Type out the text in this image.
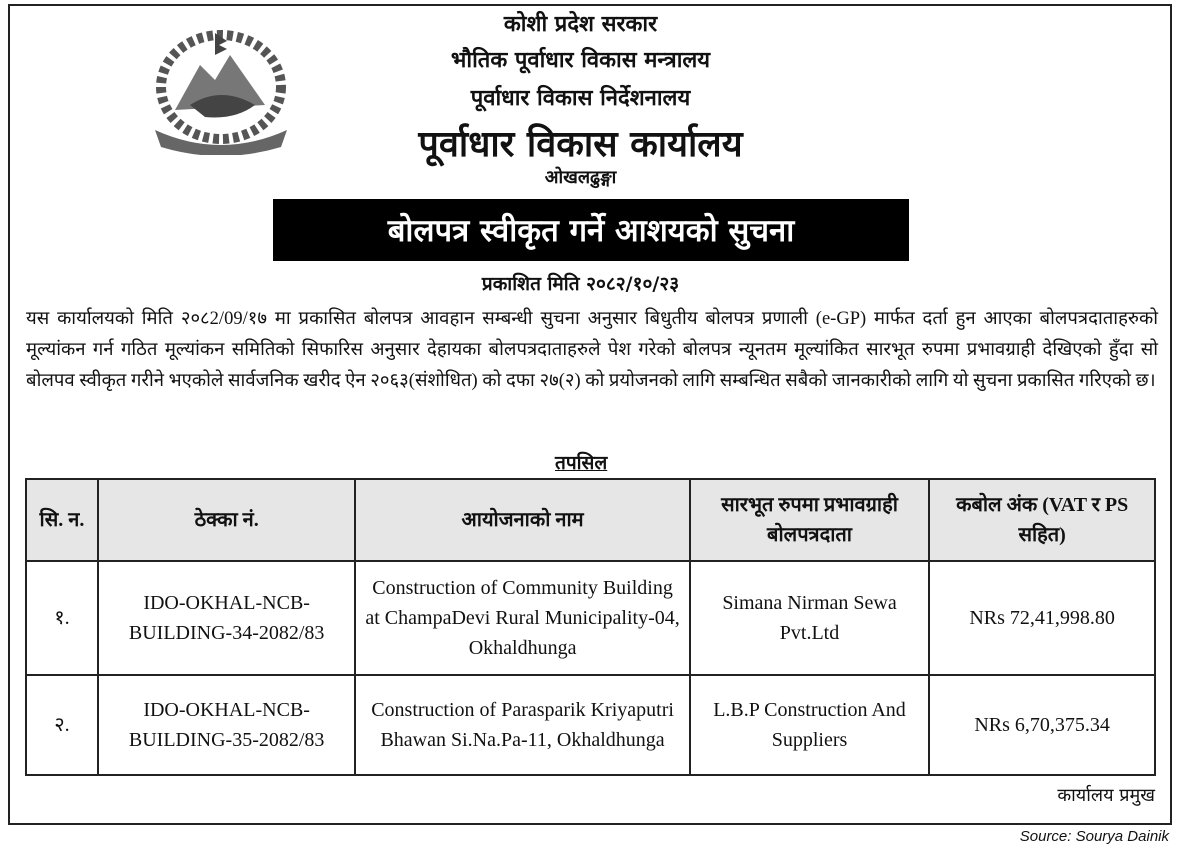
कोशी प्रदेश सरकार
भौतिक पूर्वाधार विकास मन्त्रालय
पूर्वाधार विकास निर्देशनालय
पूर्वाधार विकास कार्यालय
ओखलढुङ्गा
बोलपत्र स्वीकृत गर्ने आशयको सुचना
प्रकाशित मिति २०८२/१०/२३
यस कार्यालयको मिति २०८2/09/१७ मा प्रकासित बोलपत्र आवहान सम्बन्धी सुचना अनुसार बिधुतीय बोलपत्र प्रणाली (e-GP) मार्फत दर्ता हुन आएका बोलपत्रदाताहरुको मूल्यांकन गर्न गठित मूल्यांकन समितिको सिफारिस अनुसार देहायका बोलपत्रदाताहरुले पेश गरेको बोलपत्र न्यूनतम मूल्यांकित सारभूत रुपमा प्रभावग्राही देखिएको हुँदा सो बोलपव स्वीकृत गरीने भएकोले सार्वजनिक खरीद ऐन २०६३(संशोधित) को दफा २७(२) को प्रयोजनको लागि सम्बन्धित सबैको जानकारीको लागि यो सुचना प्रकासित गरिएको छ।
तपसिल
सि. न.	ठेक्का नं.	आयोजनाको नाम	सारभूत रुपमा प्रभावग्राही बोलपत्रदाता	कबोल अंक (VAT र PS सहित)
१.	IDO-OKHAL-NCB-BUILDING-34-2082/83	Construction of Community Building at ChampaDevi Rural Municipality-04, Okhaldhunga	Simana Nirman Sewa Pvt.Ltd	NRs 72,41,998.80
२.	IDO-OKHAL-NCB-BUILDING-35-2082/83	Construction of Parasparik Kriyaputri Bhawan Si.Na.Pa-11, Okhaldhunga	L.B.P Construction And Suppliers	NRs 6,70,375.34
कार्यालय प्रमुख
Source: Sourya Dainik
